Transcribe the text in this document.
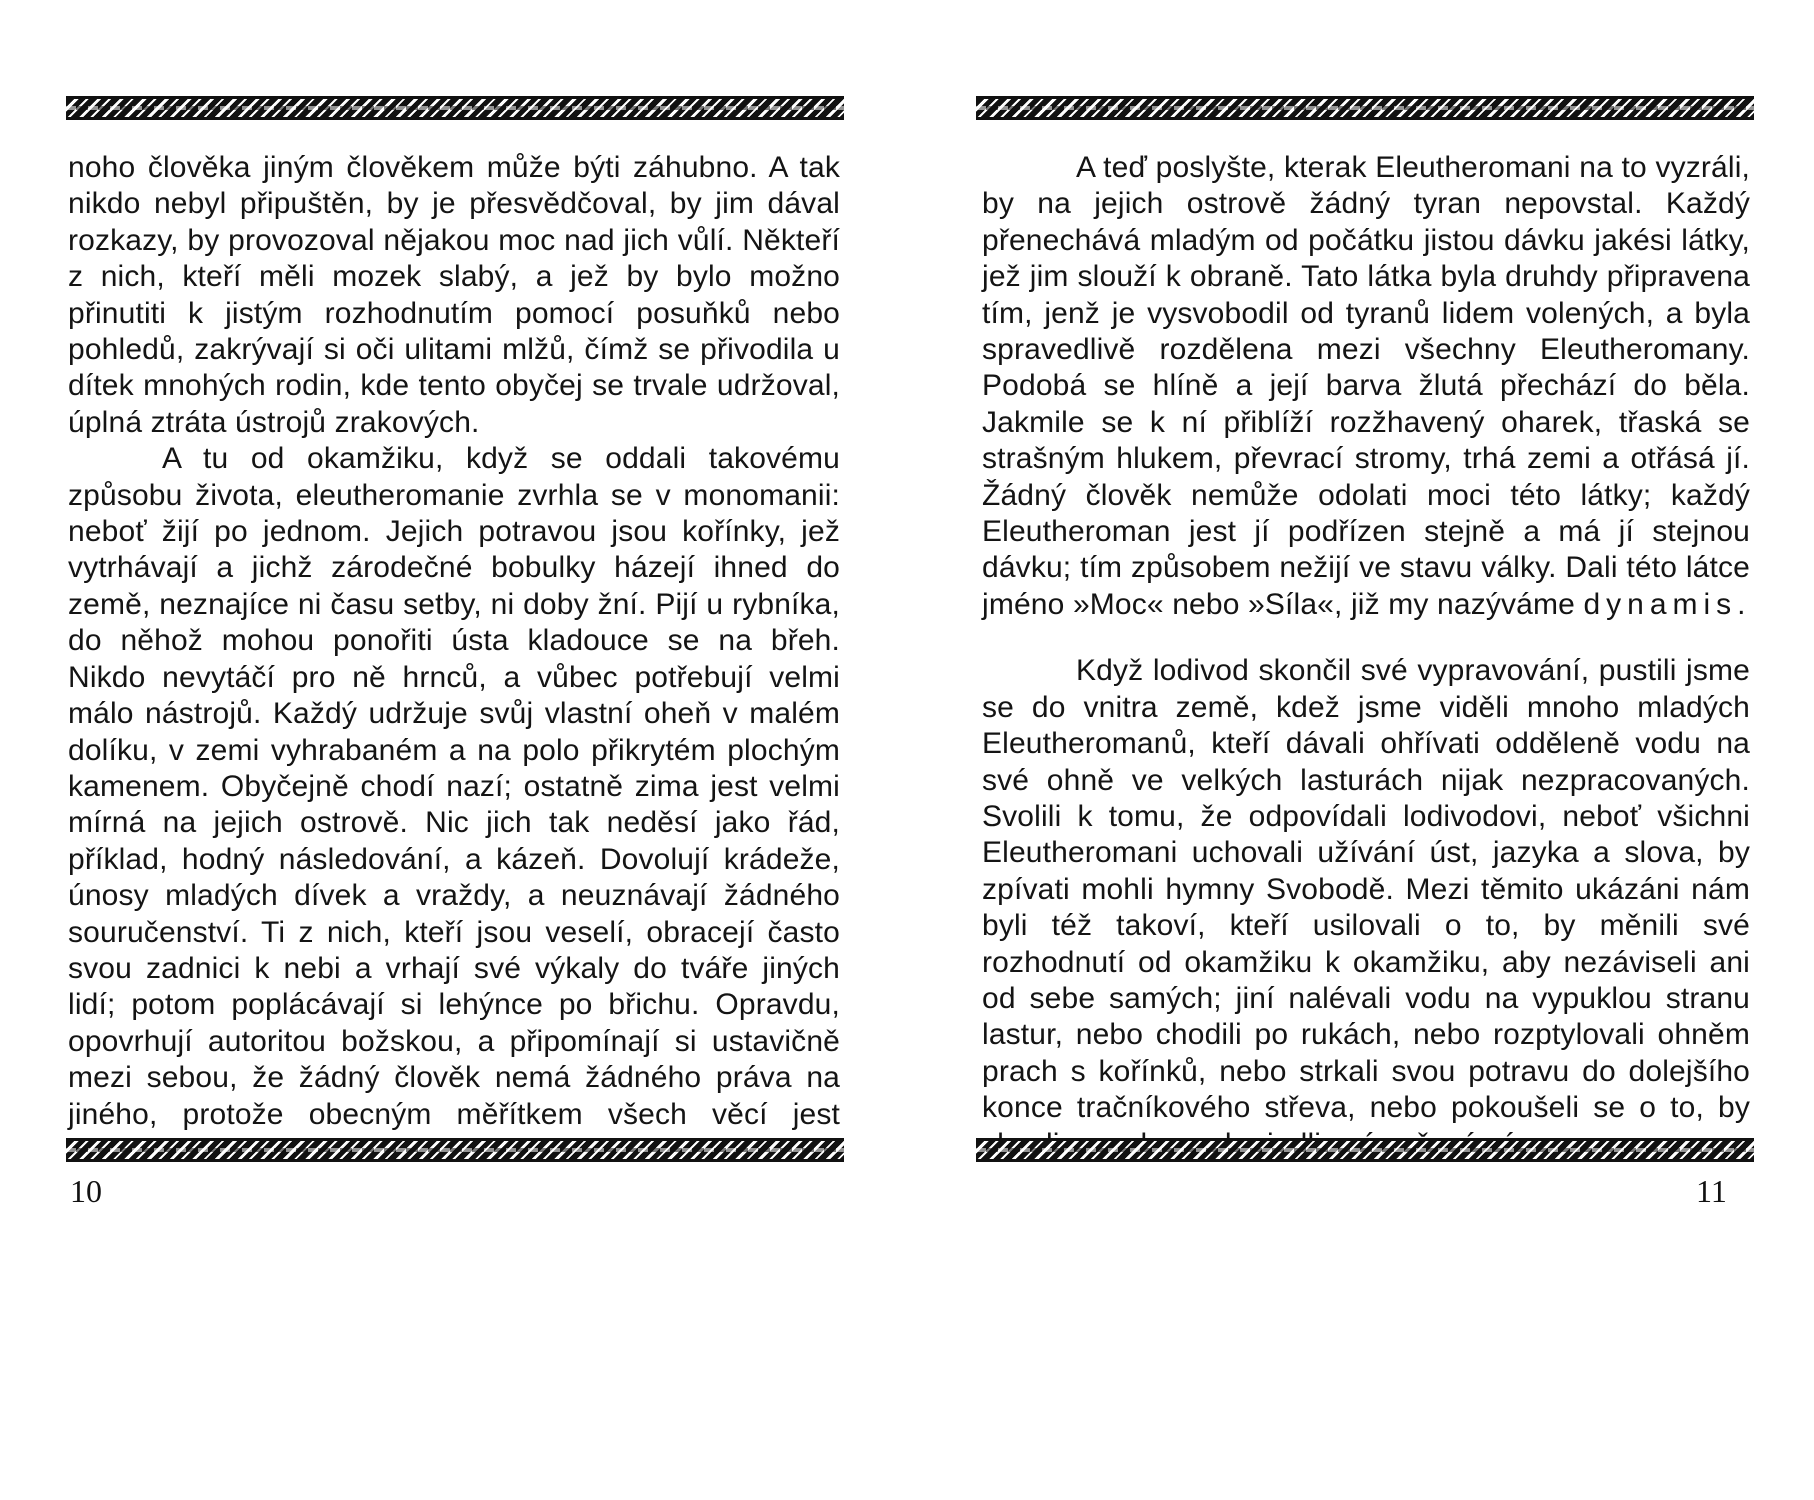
noho člověka jiným člověkem může býti záhubno. A tak nikdo nebyl připuštěn, by je přesvědčoval, by jim dával rozkazy, by provozoval nějakou moc nad jich vůlí. Někteří z nich, kteří měli mozek slabý, a jež by bylo možno přinutiti k jistým rozhodnutím pomocí posuňků nebo pohledů, zakrývají si oči ulitami mlžů, čímž se přivodila u dítek mnohých rodin, kde tento obyčej se trvale udržoval, úplná ztráta ústrojů zrakových.

A tu od okamžiku, když se oddali takovému způsobu života, eleutheromanie zvrhla se v monomanii: neboť žijí po jednom. Jejich potravou jsou kořínky, jež vytrhávají a jichž zárodečné bobulky házejí ihned do země, neznajíce ni času setby, ni doby žní. Pijí u rybníka, do něhož mohou ponořiti ústa kladouce se na břeh. Nikdo nevytáčí pro ně hrnců, a vůbec potřebují velmi málo nástrojů. Každý udržuje svůj vlastní oheň v malém dolíku, v zemi vyhrabaném a na polo přikrytém plochým kamenem. Obyčejně chodí nazí; ostatně zima jest velmi mírná na jejich ostrově. Nic jich tak neděsí jako řád, příklad, hodný následování, a kázeň. Dovolují krádeže, únosy mladých dívek a vraždy, a neuznávají žádného souručenství. Ti z nich, kteří jsou veselí, obracejí často svou zadnici k nebi a vrhají své výkaly do tváře jiných lidí; potom poplácávají si lehýnce po břichu. Opravdu, opovrhují autoritou božskou, a připomínají si ustavičně mezi sebou, že žádný člověk nemá žádného práva na jiného, protože obecným měřítkem všech věcí jest

10

A teď poslyšte, kterak Eleutheromani na to vyzráli, by na jejich ostrově žádný tyran nepovstal. Každý přenechává mladým od počátku jistou dávku jakési látky, jež jim slouží k obraně. Tato látka byla druhdy připravena tím, jenž je vysvobodil od tyranů lidem volených, a byla spravedlivě rozdělena mezi všechny Eleutheromany. Podobá se hlíně a její barva žlutá přechází do běla. Jakmile se k ní přiblíží rozžhavený oharek, třaská se strašným hlukem, převrací stromy, trhá zemi a otřásá jí. Žádný člověk nemůže odolati moci této látky; každý Eleutheroman jest jí podřízen stejně a má jí stejnou dávku; tím způsobem nežijí ve stavu války. Dali této látce jméno »Moc« nebo »Síla«, již my nazýváme dynamis.

Když lodivod skončil své vypravování, pustili jsme se do vnitra země, kdež jsme viděli mnoho mladých Eleutheromanů, kteří dávali ohřívati odděleně vodu na své ohně ve velkých lasturách nijak nezpracovaných. Svolili k tomu, že odpovídali lodivodovi, neboť všichni Eleutheromani uchovali užívání úst, jazyka a slova, by zpívati mohli hymny Svobodě. Mezi těmito ukázáni nám byli též takoví, kteří usilovali o to, by měnili své rozhodnutí od okamžiku k okamžiku, aby nezáviseli ani od sebe samých; jiní nalévali vodu na vypuklou stranu lastur, nebo chodili po rukách, nebo rozptylovali ohněm prach s kořínků, nebo strkali svou potravu do dolejšího konce tračníkového střeva, nebo pokoušeli se o to, by

11
